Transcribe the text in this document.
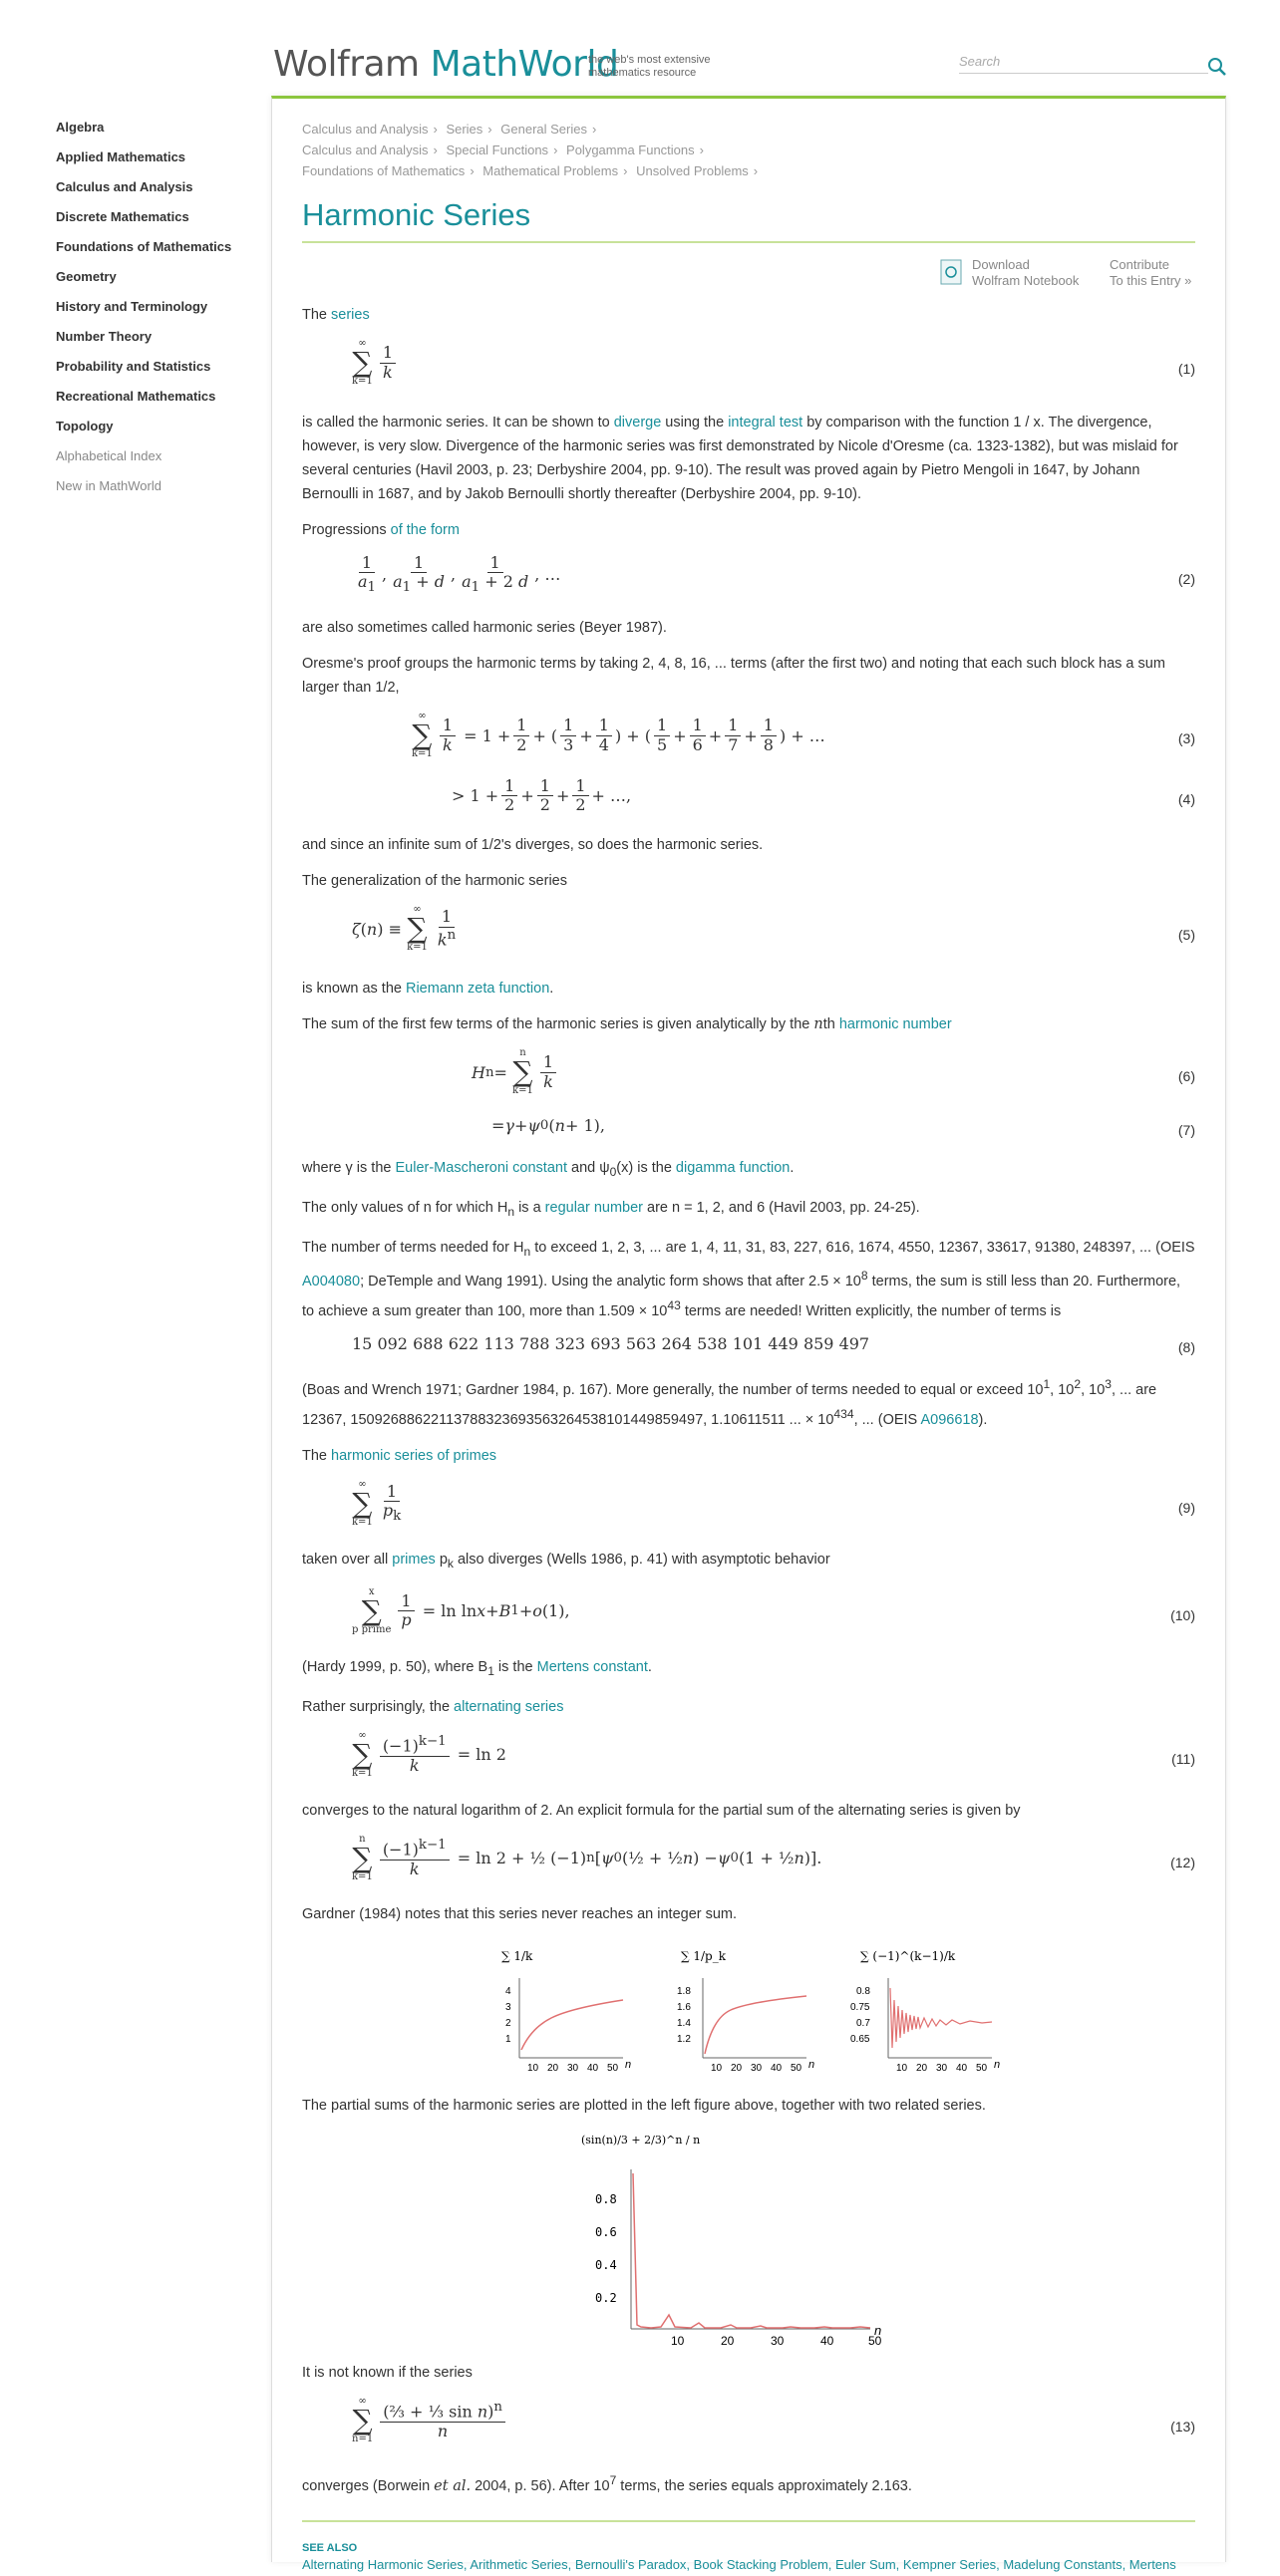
Wolfram MathWorld
the web's most extensive mathematics resource
Search
Algebra
Applied Mathematics
Calculus and Analysis
Discrete Mathematics
Foundations of Mathematics
Geometry
History and Terminology
Number Theory
Probability and Statistics
Recreational Mathematics
Topology
Alphabetical Index
New in MathWorld
Calculus and Analysis › Series › General Series ›
Calculus and Analysis › Special Functions › Polygamma Functions ›
Foundations of Mathematics › Mathematical Problems › Unsolved Problems ›
Harmonic Series
Download
Wolfram Notebook
Contribute
To this Entry »

The series

∞
∑
$k=1 \frac{1}{k}$	(1)

is called the harmonic series. It can be shown to diverge using the integral test by comparison with the function 1 / x. The divergence, however, is very slow. Divergence of the harmonic series was first demonstrated by Nicole d'Oresme (ca. 1323-1382), but was mislaid for several centuries (Havil 2003, p. 23; Derbyshire 2004, pp. 9-10). The result was proved again by Pietro Mengoli in 1647, by Johann Bernoulli in 1687, and by Jakob Bernoulli shortly thereafter (Derbyshire 2004, pp. 9-10).

Progressions of the form

$\frac{1}{a_1}$ , $\frac{1}{a_1 + d}$ , $\frac{1}{a_1 + 2 d}$ , …	(2)

are also sometimes called harmonic series (Beyer 1987).

Oresme's proof groups the harmonic terms by taking 2, 4, 8, 16, ... terms (after the first two) and noting that each such block has a sum larger than 1/2,

∞
∑
$k=1 \frac{1}{k} = 1 + \frac{1}{2}$ + ( $\frac{1}{3} + \frac{1}{4}$ ) + ( $\frac{1}{5} + \frac{1}{6} + \frac{1}{7} + \frac{1}{8}$ ) + …	(3)
> $1 + \frac{1}{2} + \frac{1}{2} + \frac{1}{2}$ + …,	(4)

and since an infinite sum of 1/2's diverges, so does the harmonic series.

The generalization of the harmonic series

ζ ( n ) ≡
∞
∑
$k=1 \frac{1}{k^n}$	(5)

is known as the Riemann zeta function.

The sum of the first few terms of the harmonic series is given analytically by the nth harmonic number

H n =
n
∑
$k=1 \frac{1}{k}$	(6)
= γ + ψ 0 ( n + 1),	(7)

where γ is the Euler-Mascheroni constant and $\psi_0(x)$ is the digamma function.

The only values of n for which $H_n$ is a regular number are n = 1, 2, and 6 (Havil 2003, pp. 24-25).

The number of terms needed for $H_n$ to exceed 1, 2, 3, ... are 1, 4, 11, 31, 83, 227, 616, 1674, 4550, 12367, 33617, 91380, 248397, ... (OEIS A004080; DeTemple and Wang 1991). Using the analytic form shows that after $2.5 \times 10^8$ terms, the sum is still less than 20. Furthermore, to achieve a sum greater than 100, more than $1.509 \times 10^{43}$ terms are needed! Written explicitly, the number of terms is

15 092 688 622 113 788 323 693 563 264 538 101 449 859 497	(8)

(Boas and Wrench 1971; Gardner 1984, p. 167). More generally, the number of terms needed to equal or exceed $10^1$, $10^2$, $10^3$, ... are 12367, 1509268862211378832369356326453810144985​9497, 1.10611511 ... × $10^{434}$, ... (OEIS A096618).

The harmonic series of primes

∞
∑
$k=1 \frac{1}{p_k}$	(9)

taken over all primes $p_k$ also diverges (Wells 1986, p. 41) with asymptotic behavior

x
∑
p prime $\frac{1}{p} = \ln \ln x + B$ 1 + o (1),	(10)

(Hardy 1999, p. 50), where $B_1$ is the Mertens constant.

Rather surprisingly, the alternating series

∞
∑
$k=1 \frac{(-1)^{k-1}}{k} = \ln 2$	(11)

converges to the natural logarithm of 2. An explicit formula for the partial sum of the alternating series is given by

n
∑
$k=1 \frac{(-1)^{k-1}}{k} = \ln 2$ + ½ (−1) n [ ψ 0 (½ + ½ n ) − ψ 0 (1 + ½ n )].	(12)

Gardner (1984) notes that this series never reaches an integer sum.

∑ 1/k
4
3
2
1
10 20 30 40 50 n
∑ 1/p_k
1.8
1.6
1.4
1.2
10 20 30 40 50 n
∑ (−1)^(k−1)/k
0.8
0.75
0.7
0.65
10 20 30 40 50 n

The partial sums of the harmonic series are plotted in the left figure above, together with two related series.

(sin(n)/3 + 2/3)^n / n
0.8
0.6
0.4
0.2
10	20	30	40	50
n

It is not known if the series

∞
∑
$n=1 \frac{(\frac{2}{3} + \frac{1}{3} \sin n)^n}{n}$	(13)

converges (Borwein et al. 2004, p. 56). After $10^7$ terms, the series equals approximately 2.163.

SEE ALSO
Alternating Harmonic Series, Arithmetic Series, Bernoulli's Paradox, Book Stacking Problem, Euler Sum, Kempner Series, Madelung Constants, Mertens
